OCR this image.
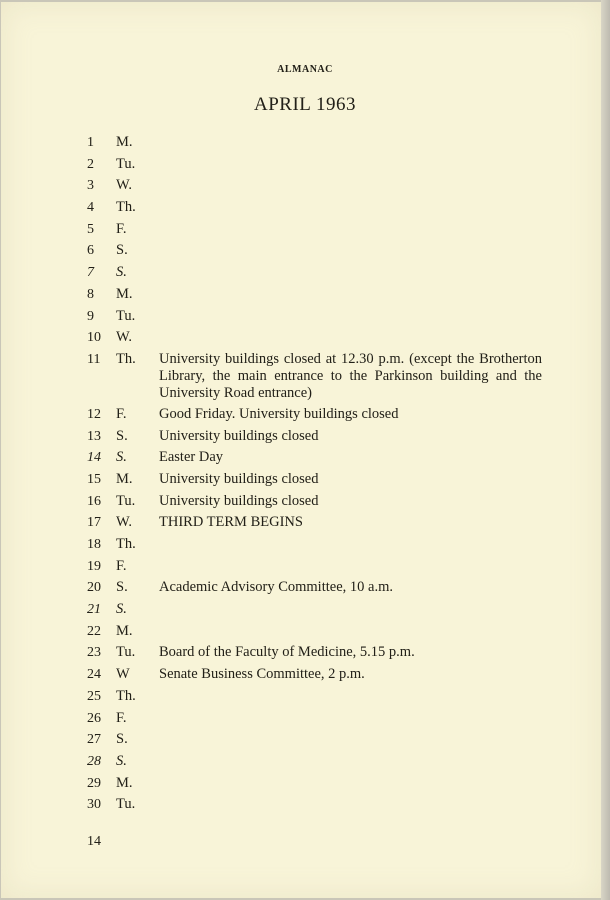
ALMANAC
APRIL 1963
1	M.
2	Tu.
3	W.
4	Th.
5	F.
6	S.
7	S.
8	M.
9	Tu.
10	W.
11	Th.	University buildings closed at 12.30 p.m. (except the Brotherton Library, the main entrance to the Parkinson building and the University Road entrance)
12	F.	Good Friday. University buildings closed
13	S.	University buildings closed
14	S.	Easter Day
15	M.	University buildings closed
16	Tu.	University buildings closed
17	W.	THIRD TERM BEGINS
18	Th.
19	F.
20	S.	Academic Advisory Committee, 10 a.m.
21	S.
22	M.
23	Tu.	Board of the Faculty of Medicine, 5.15 p.m.
24	W	Senate Business Committee, 2 p.m.
25	Th.
26	F.
27	S.
28	S.
29	M.
30	Tu.
14
